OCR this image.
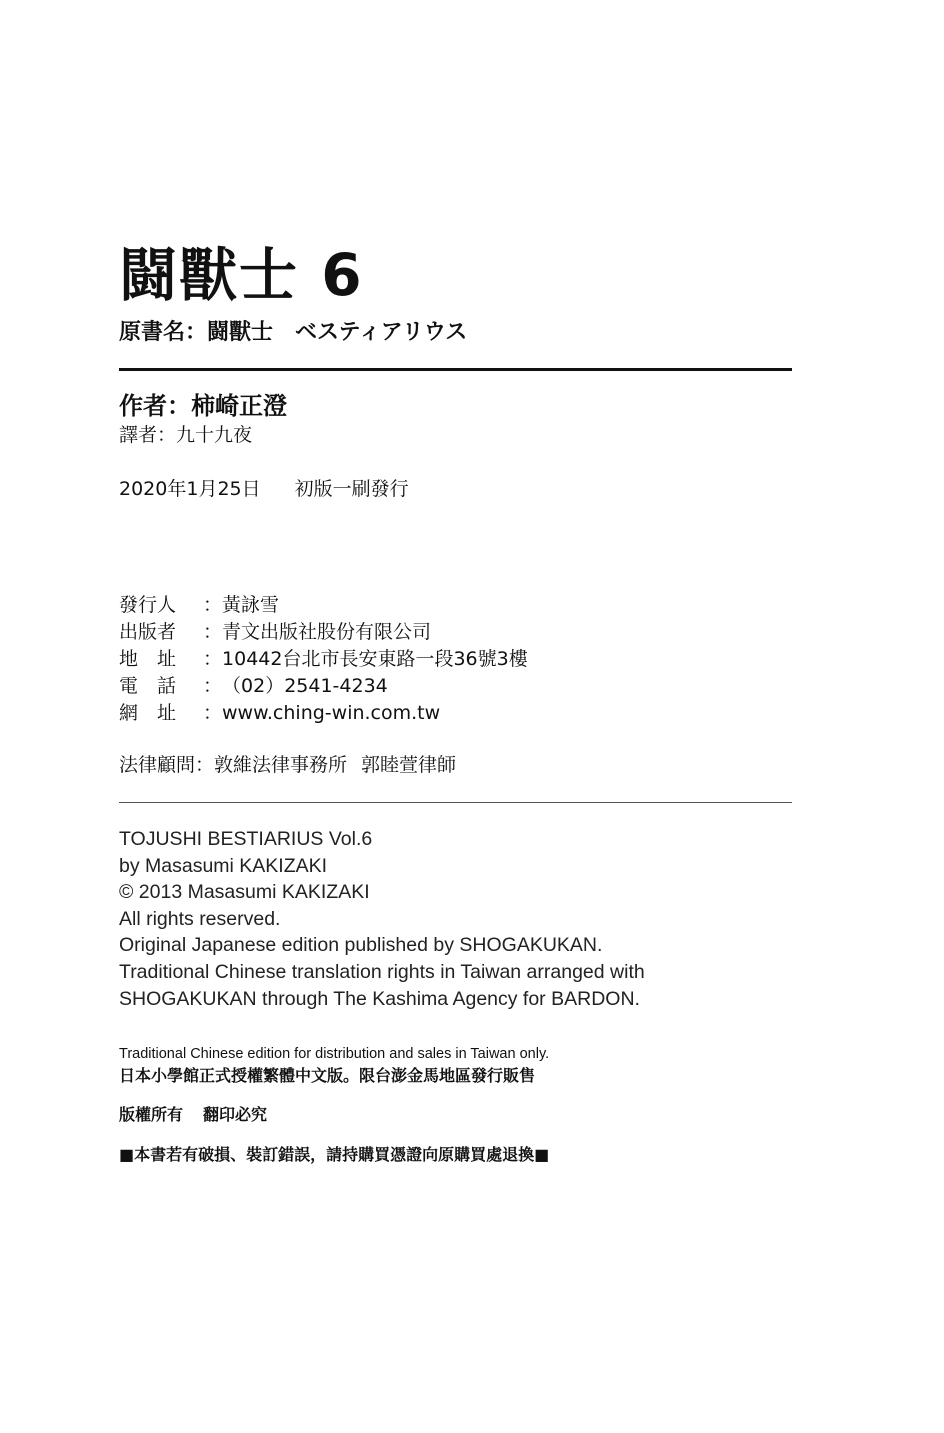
闘獸士 6
原書名：闘獸士　ベスティアリウス
作者：柿崎正澄
譯者：九十九夜
2020年1月25日 初版一刷發行
發行人	： 黃詠雪
出版者	： 青文出版社股份有限公司
地　址	： 10442台北市長安東路一段36號3樓
電　話	： （02）2541-4234
網　址	： www.ching-win.com.tw
法律顧問：敦維法律事務所 郭睦萱律師
TOJUSHI BESTIARIUS Vol.6
by Masasumi KAKIZAKI
© 2013 Masasumi KAKIZAKI
All rights reserved.
Original Japanese edition published by SHOGAKUKAN.
Traditional Chinese translation rights in Taiwan arranged with
SHOGAKUKAN through The Kashima Agency for BARDON.
Traditional Chinese edition for distribution and sales in Taiwan only.
日本小學館正式授權繁體中文版。限台澎金馬地區發行販售
版權所有 翻印必究
■本書若有破損、裝訂錯誤，請持購買憑證向原購買處退換■
